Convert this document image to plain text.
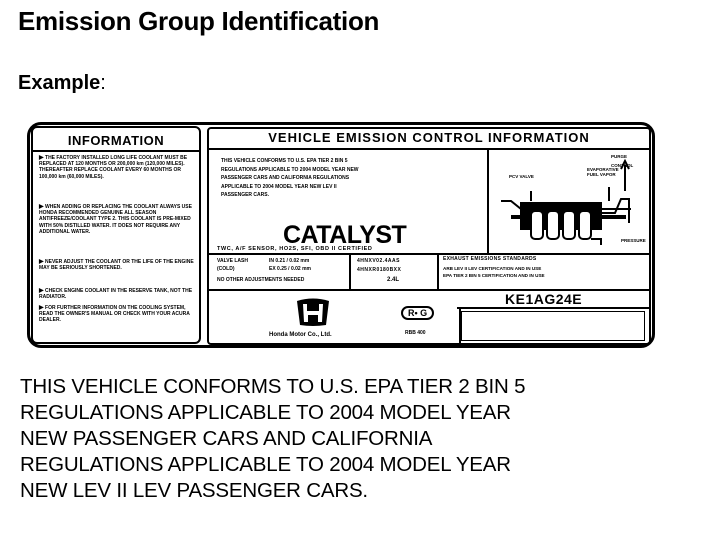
Emission Group Identification
Example:
INFORMATION
▶ THE FACTORY INSTALLED LONG LIFE COOLANT MUST BE REPLACED AT 120 MONTHS OR 200,000 km (120,000 MILES). THEREAFTER REPLACE COOLANT EVERY 60 MONTHS OR 100,000 km (60,000 MILES).
▶ WHEN ADDING OR REPLACING THE COOLANT ALWAYS USE HONDA RECOMMENDED GENUINE ALL SEASON ANTIFREEZE/COOLANT TYPE 2. THIS COOLANT IS PRE-MIXED WITH 50% DISTILLED WATER. IT DOES NOT REQUIRE ANY ADDITIONAL WATER.
▶ NEVER ADJUST THE COOLANT OR THE LIFE OF THE ENGINE MAY BE SERIOUSLY SHORTENED.
▶ CHECK ENGINE COOLANT IN THE RESERVE TANK, NOT THE RADIATOR.
▶ FOR FURTHER INFORMATION ON THE COOLING SYSTEM, READ THE OWNER'S MANUAL OR CHECK WITH YOUR ACURA DEALER.
VEHICLE EMISSION CONTROL INFORMATION
THIS VEHICLE CONFORMS TO U.S. EPA TIER 2 BIN 5
REGULATIONS APPLICABLE TO 2004 MODEL YEAR NEW
PASSENGER CARS AND CALIFORNIA REGULATIONS
APPLICABLE TO 2004 MODEL YEAR NEW LEV II
PASSENGER CARS.
PURGE CONTROL
EVAPORATIVE
FUEL VAPOR
PCV VALVE
PRESSURE
CATALYST
TWC, A/F SENSOR, HO2S, SFI, OBD II CERTIFIED
VALVE LASH
(COLD)
IN 0.21 / 0.02 mm
EX 0.25 / 0.02 mm
NO OTHER ADJUSTMENTS NEEDED
4HNXV02.4AAS
4HNXR0180BXX
2.4L
EXHAUST EMISSIONS STANDARDS
ARB LEV II LEV CERTIFICATION AND IN USE
EPA TIER 2 BIN 5 CERTIFICATION AND IN USE
KE1AG24E
R• G
RBB 400
Honda Motor Co., Ltd.
THIS VEHICLE CONFORMS TO U.S. EPA TIER 2 BIN 5
REGULATIONS APPLICABLE TO 2004 MODEL YEAR
NEW PASSENGER CARS AND CALIFORNIA
REGULATIONS APPLICABLE TO 2004 MODEL YEAR
NEW LEV II LEV PASSENGER CARS.
